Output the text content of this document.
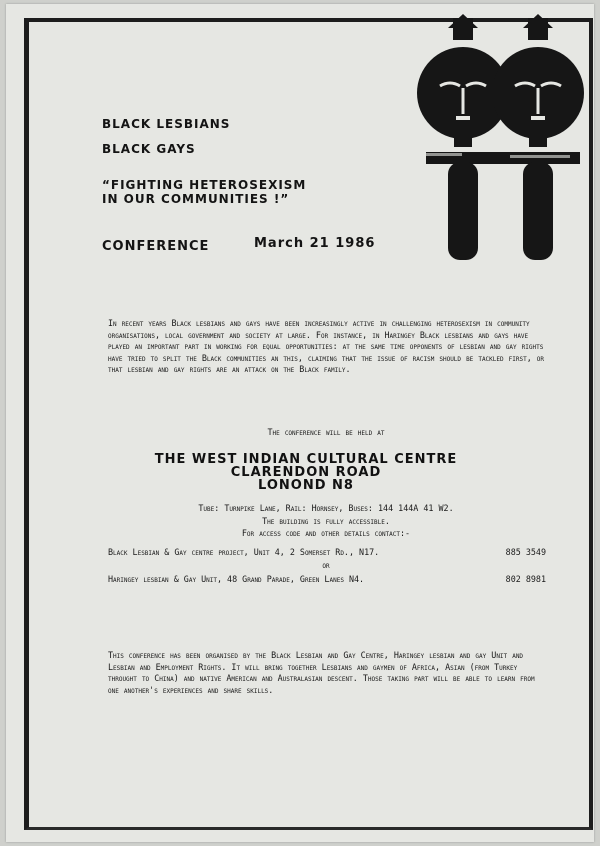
BLACK LESBIANS
BLACK GAYS
“FIGHTING HETEROSEXISM
IN OUR COMMUNITIES !”
CONFERENCE	March 21 1986
In recent years Black lesbians and gays have been increasingly active in challenging heterosexism in community organisations, local government and society at large. For instance, in Haringey Black lesbians and gays have played an important part in working for equal opportunities: at the same time opponents of lesbian and gay rights have tried to split the Black communities an this, claiming that the issue of racism should be tackled first, or that lesbian and gay rights are an attack on the Black family.
The conference will be held at
THE WEST INDIAN CULTURAL CENTRE
CLARENDON ROAD
LONOND N8
Tube: Turnpike Lane, Rail: Hornsey, Buses: 144 144A 41 W2.
The building is fully accessible.
For access code and other details contact:-
Black Lesbian & Gay centre project, Unit 4, 2 Somerset Rd., N17.	885 3549
or
Haringey lesbian & Gay Unit, 48 Grand Parade, Green Lanes N4.	802 8981
This conference has been organised by the Black Lesbian and Gay Centre, Haringey lesbian and gay Unit and Lesbian and Employment Rights. It will bring together Lesbians and gaymen of Africa, Asian (from Turkey throught to China) and native American and Australasian descent. Those taking part will be able to learn from one another's experiences and share skills.
